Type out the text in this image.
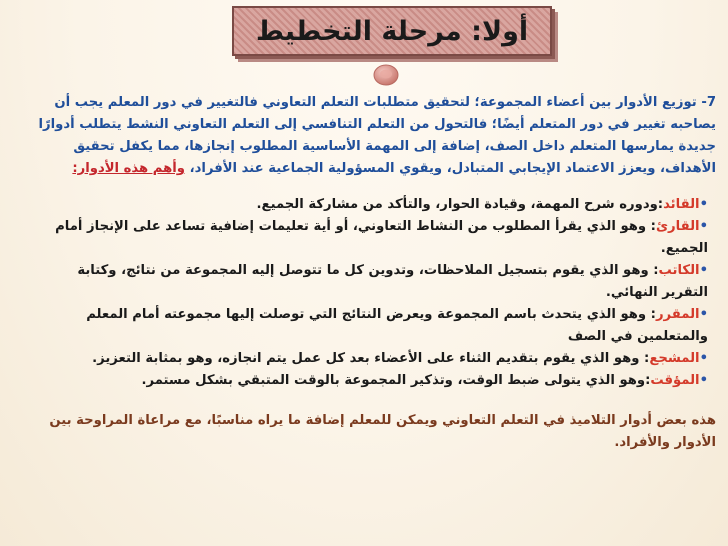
أولا: مرحلة التخطيط

7- توزيع الأدوار بين أعضاء المجموعة؛ لتحقيق متطلبات التعلم التعاوني فالتغيير في دور المعلم يجب أن يصاحبه تغيير في دور المتعلم أيضًا؛ فالتحول من التعلم التنافسي إلى التعلم التعاوني النشط يتطلب أدوارًا جديدة يمارسها المتعلم داخل الصف، إضافة إلى المهمة الأساسية المطلوب إنجازها، مما يكفل تحقيق الأهداف، ويعزز الاعتماد الإيجابي المتبادل، ويقوي المسؤولية الجماعية عند الأفراد، وأهم هذه الأدوار:

•القائد:ودوره شرح المهمة، وقيادة الحوار، والتأكد من مشاركة الجميع.

•القارئ: وهو الذي يقرأ المطلوب من النشاط التعاوني، أو أية تعليمات إضافية تساعد على الإنجاز أمام الجميع.

•الكاتب: وهو الذي يقوم بتسجيل الملاحظات، وتدوين كل ما تتوصل إليه المجموعة من نتائج، وكتابة التقرير النهائي.

•المقرر: وهو الذي يتحدث باسم المجموعة ويعرض النتائج التي توصلت إليها مجموعته أمام المعلم والمتعلمين في الصف

•المشجع: وهو الذي يقوم بتقديم الثناء على الأعضاء بعد كل عمل يتم انجازه، وهو بمثابة التعزيز.

•المؤقت:وهو الذي يتولى ضبط الوقت، وتذكير المجموعة بالوقت المتبقي بشكل مستمر.

هذه بعض أدوار التلاميذ في التعلم التعاوني ويمكن للمعلم إضافة ما يراه مناسبًا، مع مراعاة المراوحة بين الأدوار والأفراد.
